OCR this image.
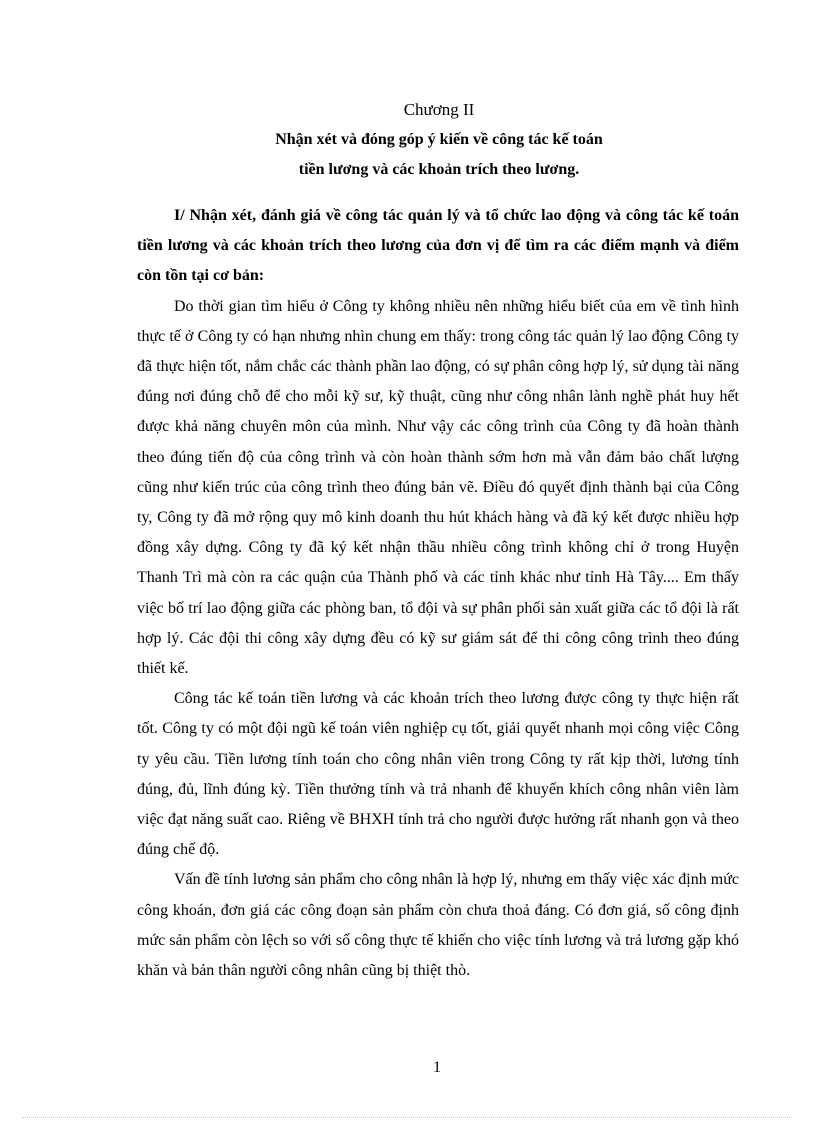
Chương II
Nhận xét và đóng góp ý kiến về công tác kế toán
tiền lương và các khoản trích theo lương.

I/ Nhận xét, đánh giá về công tác quản lý và tổ chức lao động và công tác kế toán tiền lương và các khoản trích theo lương của đơn vị để tìm ra các điểm mạnh và điểm còn tồn tại cơ bản:

Do thời gian tìm hiểu ở Công ty không nhiều nên những hiểu biết của em về tình hình thực tế ở Công ty có hạn nhưng nhìn chung em thấy: trong công tác quản lý lao động Công ty đã thực hiện tốt, nắm chắc các thành phần lao động, có sự phân công hợp lý, sử dụng tài năng đúng nơi đúng chỗ để cho mỗi kỹ sư, kỹ thuật, cũng như công nhân lành nghề phát huy hết được khả năng chuyên môn của mình. Như vậy các công trình của Công ty đã hoàn thành theo đúng tiến độ của công trình và còn hoàn thành sớm hơn mà vẫn đảm bảo chất lượng cũng như kiến trúc của công trình theo đúng bản vẽ. Điều đó quyết định thành bại của Công ty, Công ty đã mở rộng quy mô kinh doanh thu hút khách hàng và đã ký kết được nhiều hợp đồng xây dựng. Công ty đã ký kết nhận thầu nhiều công trình không chỉ ở trong Huyện Thanh Trì mà còn ra các quận của Thành phố và các tỉnh khác như tỉnh Hà Tây.... Em thấy việc bố trí lao động giữa các phòng ban, tổ đội và sự phân phối sản xuất giữa các tổ đội là rất hợp lý. Các đội thi công xây dựng đều có kỹ sư giám sát để thi công công trình theo đúng thiết kế.

Công tác kế toán tiền lương và các khoản trích theo lương được công ty thực hiện rất tốt. Công ty có một đội ngũ kế toán viên nghiệp cụ tốt, giải quyết nhanh mọi công việc Công ty yêu cầu. Tiền lương tính toán cho công nhân viên trong Công ty rất kịp thời, lương tính đúng, đủ, lĩnh đúng kỳ. Tiền thưởng tính và trả nhanh để khuyến khích công nhân viên làm việc đạt năng suất cao. Riêng về BHXH tính trả cho người được hưởng rất nhanh gọn và theo đúng chế độ.

Vấn đề tính lương sản phẩm cho công nhân là hợp lý, nhưng em thấy việc xác định mức công khoán, đơn giá các công đoạn sản phẩm còn chưa thoả đáng. Có đơn giá, số công định mức sản phẩm còn lệch so với số công thực tế khiến cho việc tính lương và trả lương gặp khó khăn và bản thân người công nhân cũng bị thiệt thò.

1
